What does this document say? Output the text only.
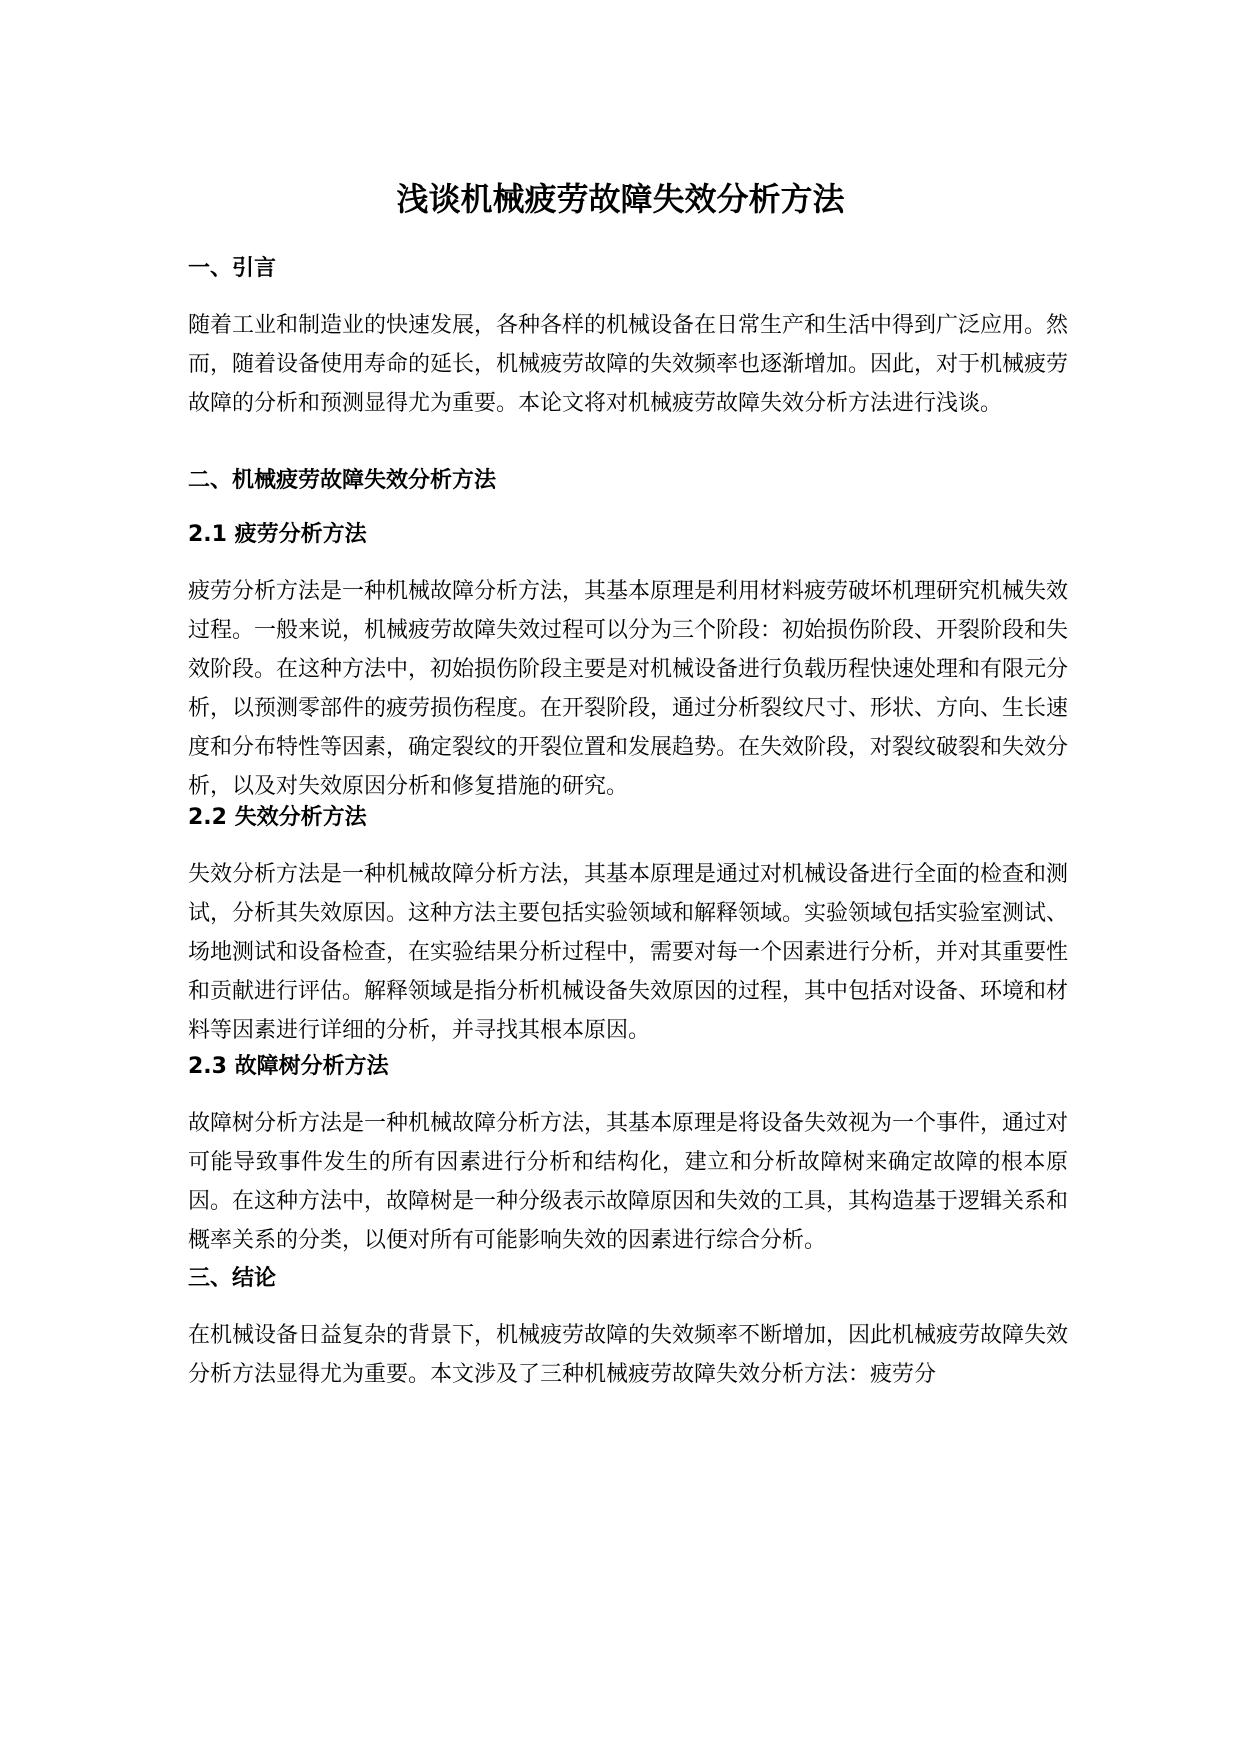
浅谈机械疲劳故障失效分析方法
一、引言

随着工业和制造业的快速发展，各种各样的机械设备在日常生产和生活中得到广泛应用。然而，随着设备使用寿命的延长，机械疲劳故障的失效频率也逐渐增加。因此，对于机械疲劳故障的分析和预测显得尤为重要。本论文将对机械疲劳故障失效分析方法进行浅谈。

二、机械疲劳故障失效分析方法
2.1 疲劳分析方法

疲劳分析方法是一种机械故障分析方法，其基本原理是利用材料疲劳破坏机理研究机械失效过程。一般来说，机械疲劳故障失效过程可以分为三个阶段：初始损伤阶段、开裂阶段和失效阶段。在这种方法中，初始损伤阶段主要是对机械设备进行负载历程快速处理和有限元分析，以预测零部件的疲劳损伤程度。在开裂阶段，通过分析裂纹尺寸、形状、方向、生长速度和分布特性等因素，确定裂纹的开裂位置和发展趋势。在失效阶段，对裂纹破裂和失效分析，以及对失效原因分析和修复措施的研究。

2.2 失效分析方法

失效分析方法是一种机械故障分析方法，其基本原理是通过对机械设备进行全面的检查和测试，分析其失效原因。这种方法主要包括实验领域和解释领域。实验领域包括实验室测试、场地测试和设备检查，在实验结果分析过程中，需要对每一个因素进行分析，并对其重要性和贡献进行评估。解释领域是指分析机械设备失效原因的过程，其中包括对设备、环境和材料等因素进行详细的分析，并寻找其根本原因。

2.3 故障树分析方法

故障树分析方法是一种机械故障分析方法，其基本原理是将设备失效视为一个事件，通过对可能导致事件发生的所有因素进行分析和结构化，建立和分析故障树来确定故障的根本原因。在这种方法中，故障树是一种分级表示故障原因和失效的工具，其构造基于逻辑关系和概率关系的分类，以便对所有可能影响失效的因素进行综合分析。

三、结论

在机械设备日益复杂的背景下，机械疲劳故障的失效频率不断增加，因此机械疲劳故障失效分析方法显得尤为重要。本文涉及了三种机械疲劳故障失效分析方法：疲劳分
